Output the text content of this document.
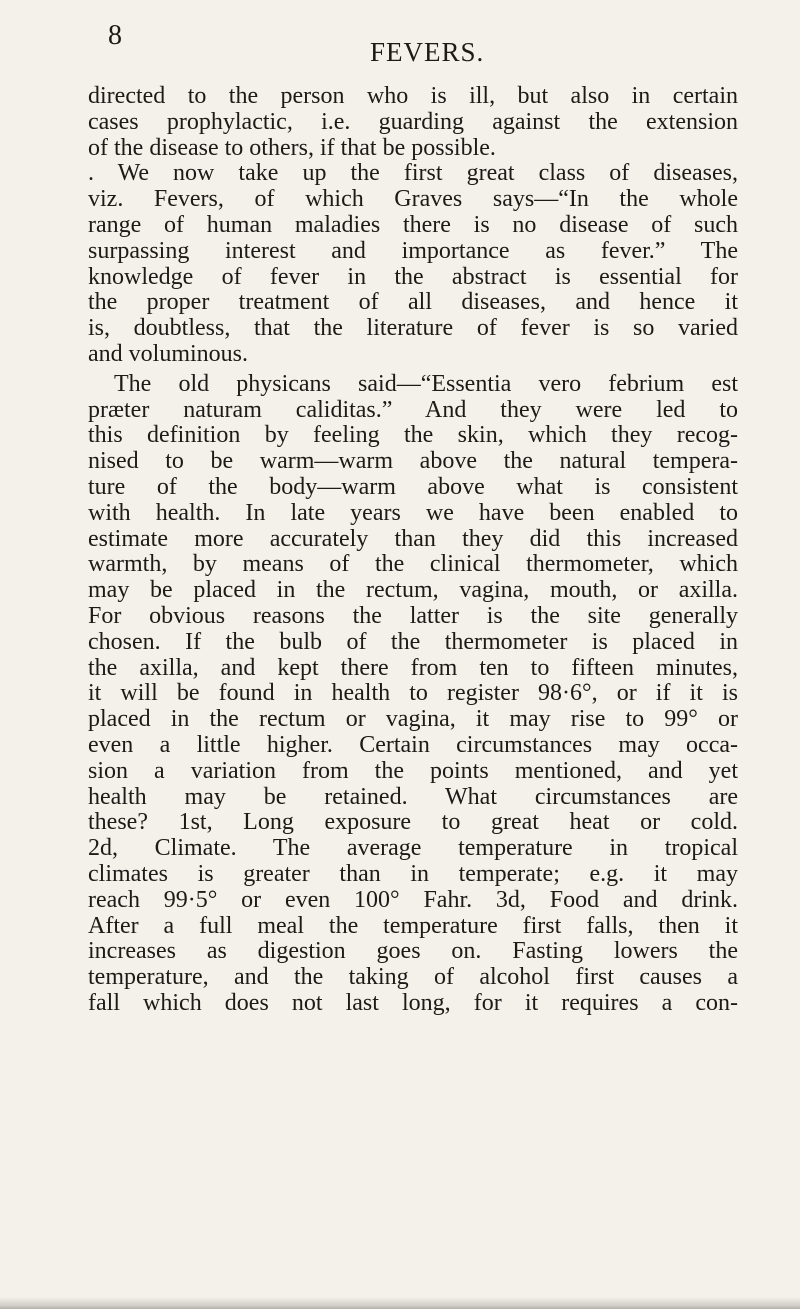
8
FEVERS.
directed to the person who is ill, but also in certain
cases prophylactic, i.e. guarding against the extension
of the disease to others, if that be possible.
. We now take up the first great class of diseases,
viz. Fevers, of which Graves says—“In the whole
range of human maladies there is no disease of such
surpassing interest and importance as fever.” The
knowledge of fever in the abstract is essential for
the proper treatment of all diseases, and hence it
is, doubtless, that the literature of fever is so varied
and voluminous.
The old physicans said—“Essentia vero febrium est
præter naturam caliditas.” And they were led to
this definition by feeling the skin, which they recog-
nised to be warm—warm above the natural tempera-
ture of the body—warm above what is consistent
with health. In late years we have been enabled to
estimate more accurately than they did this increased
warmth, by means of the clinical thermometer, which
may be placed in the rectum, vagina, mouth, or axilla.
For obvious reasons the latter is the site generally
chosen. If the bulb of the thermometer is placed in
the axilla, and kept there from ten to fifteen minutes,
it will be found in health to register 98·6°, or if it is
placed in the rectum or vagina, it may rise to 99° or
even a little higher. Certain circumstances may occa-
sion a variation from the points mentioned, and yet
health may be retained. What circumstances are
these? 1st, Long exposure to great heat or cold.
2d, Climate. The average temperature in tropical
climates is greater than in temperate; e.g. it may
reach 99·5° or even 100° Fahr. 3d, Food and drink.
After a full meal the temperature first falls, then it
increases as digestion goes on. Fasting lowers the
temperature, and the taking of alcohol first causes a
fall which does not last long, for it requires a con-
